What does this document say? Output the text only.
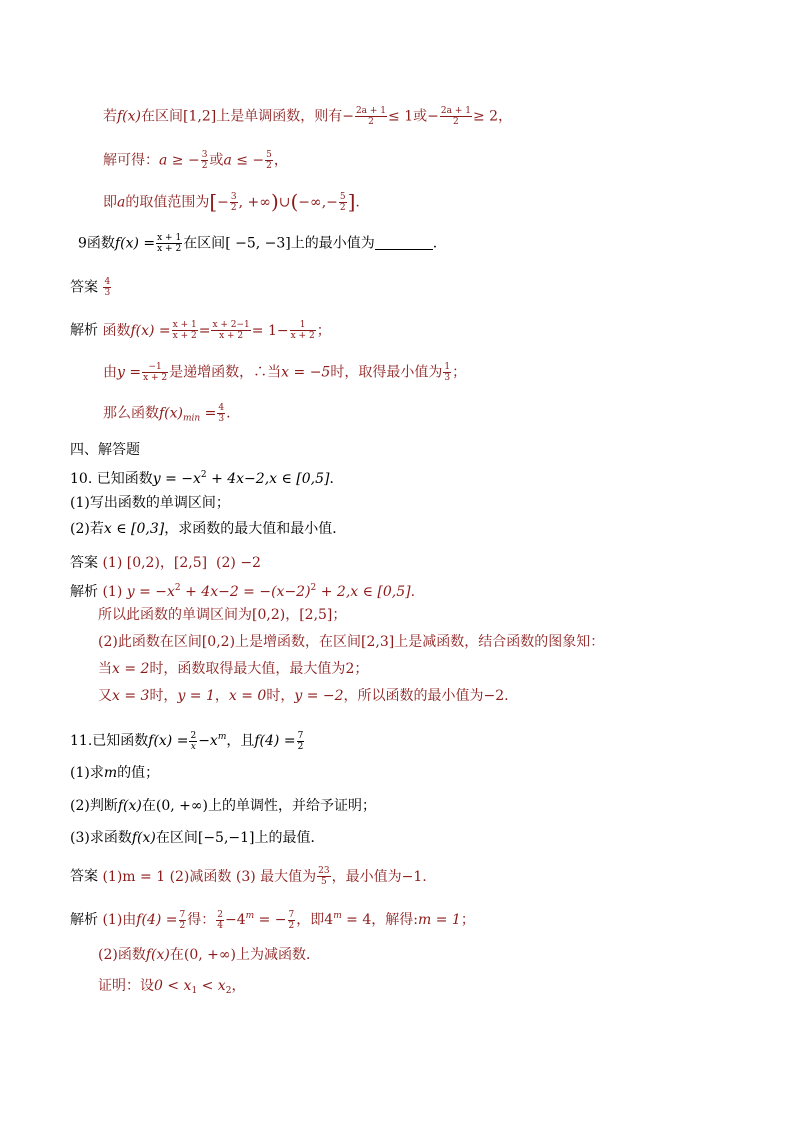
若f(x)在区间[1,2]上是单调函数，则有− $\frac{2a + 1}{2} \le 1$或− $\frac{2a + 1}{2} \ge 2$，
解可得：a ≥ − $\frac{3}{2}$ 或a ≤ − $\frac{5}{2}$ ，
即a的取值范围为[− $\frac{3}{2}$ , +∞)∪(−∞,− $\frac{5}{2}$ ].
9函数$f(x) = \frac{x + 1}{x + 2}$ 在区间[ −5, −3]上的最小值为	.
答案 $\frac{4}{3}$
解析 函数$f(x) = \frac{x + 1}{x + 2} = \frac{x + 2-1}{x + 2} = 1- \frac{1}{x + 2}$ ；
由$y = \frac{-1}{x + 2}$ 是递增函数，∴当x = −5时，取得最小值为 $\frac{1}{3}$ ；
那么函数$f(x)_{min} = \frac{4}{3}$ .
四、解答题
10. 已知函数$y = -x^2 + 4x-2,x$ ∈ [0,5]．
(1)写出函数的单调区间；
(2)若x ∈ [0,3]，求函数的最大值和最小值．
答案 (1) [0,2)，[2,5] (2) −2
解析 (1) $y = -x^2 + 4x-2 = -(x-2)^2 + 2,x$ ∈ [0,5].
所以此函数的单调区间为[0,2)，[2,5]；
(2)此函数在区间[0,2)上是增函数，在区间[2,3]上是减函数，结合函数的图象知：
当x = 2时，函数取得最大值，最大值为2；
又x = 3时，y = 1，x = 0时，y = −2，所以函数的最小值为−2.
11.已知函数$f(x) = \frac{2}{x} -x^m$，且$f(4) = \frac{7}{2}$
(1)求m的值；
(2)判断f(x)在(0, +∞)上的单调性，并给予证明；
(3)求函数f(x)在区间[−5,−1]上的最值．
答案 (1)m = 1 (2)减函数 (3) 最大值为 $\frac{23}{5}$ ，最小值为−1.
解析 (1)由$f(4) = \frac{7}{2}$ 得： $\frac{2}{4} -4^m$ = − $\frac{7}{2}$ ，即$4^m = 4$，解得:m = 1；
(2)函数f(x)在(0, +∞)上为减函数．
证明：设$0 < x_1 < x_2$，
